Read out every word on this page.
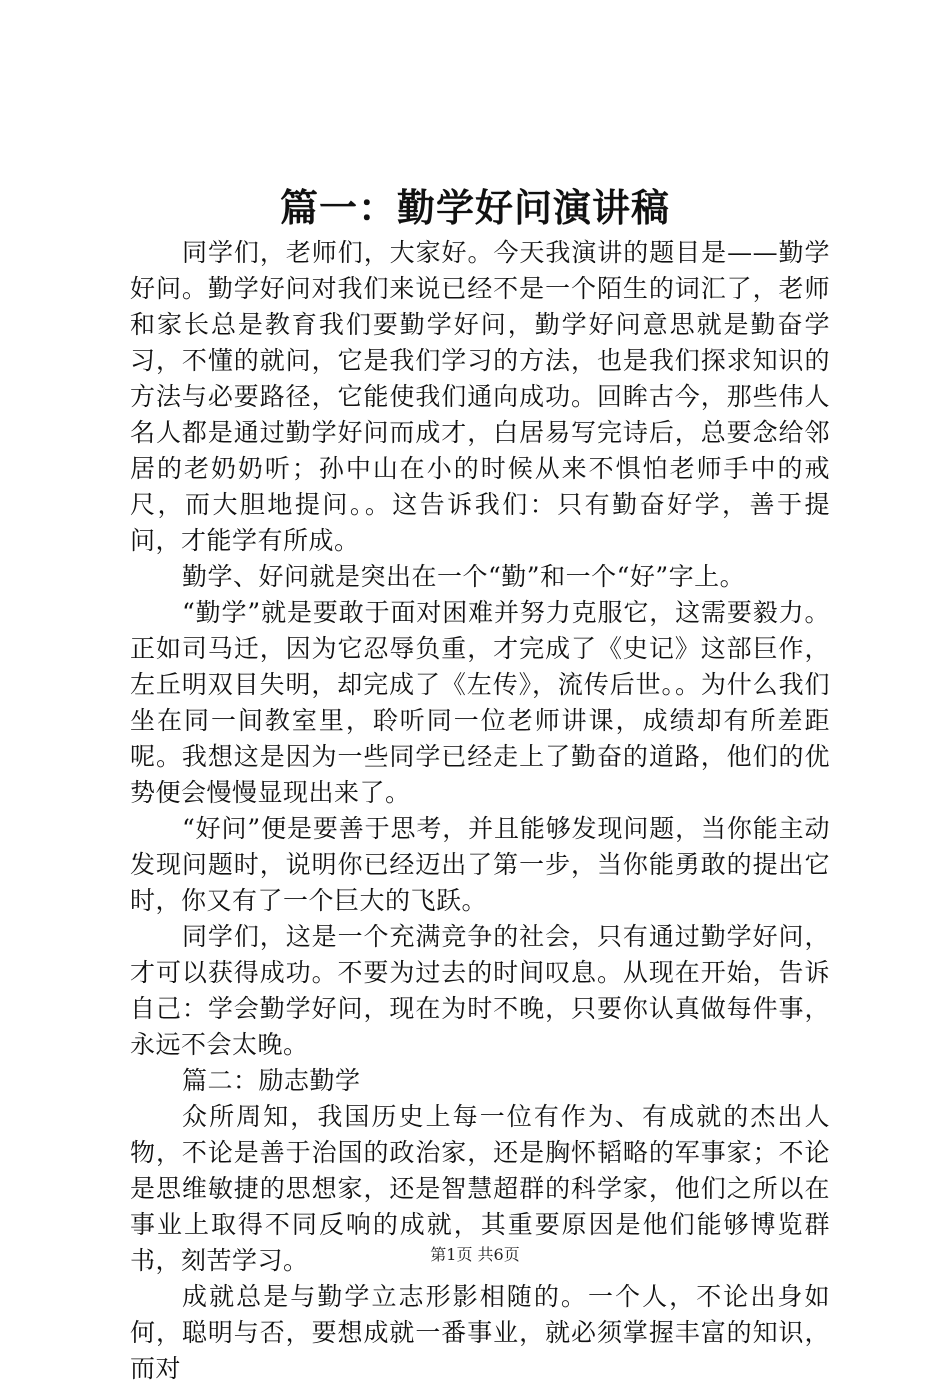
篇一：勤学好问演讲稿

同学们，老师们，大家好。今天我演讲的题目是——勤学好问。勤学好问对我们来说已经不是一个陌生的词汇了，老师和家长总是教育我们要勤学好问，勤学好问意思就是勤奋学习，不懂的就问，它是我们学习的方法，也是我们探求知识的方法与必要路径，它能使我们通向成功。回眸古今，那些伟人名人都是通过勤学好问而成才，白居易写完诗后，总要念给邻居的老奶奶听；孙中山在小的时候从来不惧怕老师手中的戒尺，而大胆地提问。。这告诉我们：只有勤奋好学，善于提问，才能学有所成。

勤学、好问就是突出在一个“勤”和一个“好”字上。

“勤学”就是要敢于面对困难并努力克服它，这需要毅力。正如司马迁，因为它忍辱负重，才完成了《史记》这部巨作，左丘明双目失明，却完成了《左传》，流传后世。。为什么我们坐在同一间教室里，聆听同一位老师讲课，成绩却有所差距呢。我想这是因为一些同学已经走上了勤奋的道路，他们的优势便会慢慢显现出来了。

“好问”便是要善于思考，并且能够发现问题，当你能主动发现问题时，说明你已经迈出了第一步，当你能勇敢的提出它时，你又有了一个巨大的飞跃。

同学们，这是一个充满竞争的社会，只有通过勤学好问，才可以获得成功。不要为过去的时间叹息。从现在开始，告诉自己：学会勤学好问，现在为时不晚，只要你认真做每件事，永远不会太晚。

篇二：励志勤学

众所周知，我国历史上每一位有作为、有成就的杰出人物，不论是善于治国的政治家，还是胸怀韬略的军事家；不论是思维敏捷的思想家，还是智慧超群的科学家，他们之所以在事业上取得不同反响的成就，其重要原因是他们能够博览群书，刻苦学习。

成就总是与勤学立志形影相随的。一个人，不论出身如何，聪明与否，要想成就一番事业，就必须掌握丰富的知识，而对

第1页 共6页
